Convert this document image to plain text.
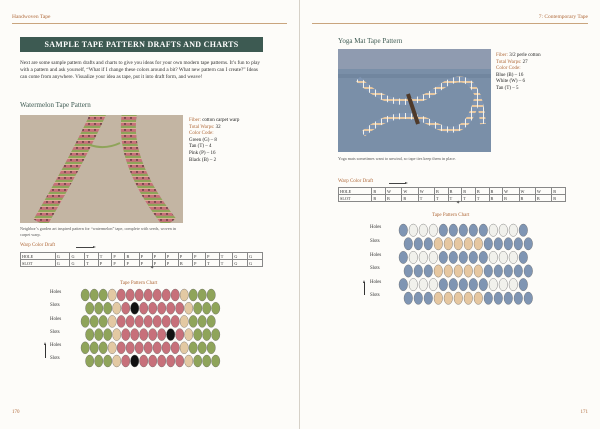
Handwoven Tape
SAMPLE TAPE PATTERN DRAFTS AND CHARTS
Next are some sample pattern drafts and charts to give you ideas for your own modern tape patterns. It’s fun to play with a pattern and ask yourself, “What if I change these colors around a bit? What new pattern can I create?” Ideas can come from anywhere. Visualize your idea as tape, put it into draft form, and weave!
Watermelon Tape Pattern
Neighbor’s garden art inspired pattern for “watermelon” tape, complete with seeds, woven in carpet warp.
Fiber: cotton carpet warp
Total Warps: 32
Color Code:
Green (G) – 8
Tan (T) – 4
Pink (P) – 16
Black (B) – 2
Warp Color Draft
HOLE	G	G	T	T	P	B	P	P	P	P	P	P	T	G	G
SLOT	G	G	T	P	P	P	P	P	P	B	P	T	T	G	G
✶
Tape Pattern Chart
Holes
Slots
Holes
Slots
Holes
Slots
170
7: Contemporary Tape
Yoga Mat Tape Pattern
Yoga mats sometimes want to unwind, so tape ties keep them in place.
Fiber: 3/2 perle cotton
Total Warps: 27
Color Code:
Blue (B) – 16
White (W) – 6
Tan (T) – 5
Warp Color Draft
HOLE	B	W	W	W	B	B	B	B	B	W	W	W	B
SLOT	B	B	B	T	T	T	T	T	B	B	B	B	B
✶
Tape Pattern Chart
Holes
Slots
Holes
Slots
Holes
Slots
171
